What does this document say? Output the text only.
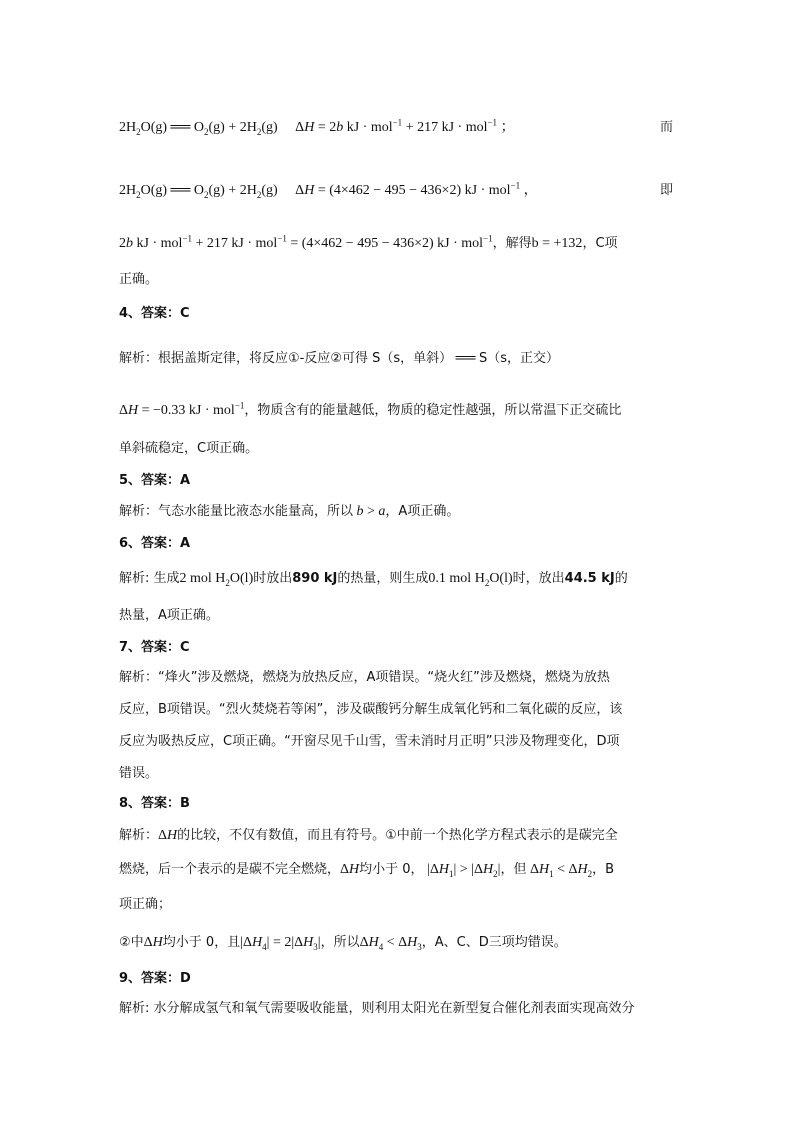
$2H_2O(g)$ ══ $O_2(g) + 2H_2(g)$     ΔH = 2b kJ · mol$^{-1}$ + 217 kJ · mol$^{-1}$ ；	而
$2H_2O(g)$ ══ $O_2(g) + 2H_2(g)$     ΔH = (4×462 − 495 − 436×2) kJ · mol$^{-1}$ ，	即
2b kJ · mol$^{-1}$ + 217 kJ · mol$^{-1}$ = (4×462 − 495 − 436×2) kJ · mol$^{-1}$，解得b = +132，C项
正确。
4、答案：C
解析：根据盖斯定律，将反应①-反应②可得 S（s，单斜） ══ S（s，正交）
ΔH = −0.33 kJ · mol$^{-1}$，物质含有的能量越低，物质的稳定性越强，所以常温下正交硫比
单斜硫稳定，C项正确。
5、答案：A
解析：气态水能量比液态水能量高，所以 b > a，A项正确。
6、答案：A
解析: 生成2 mol $H_2O(l)$时放出890 kJ的热量，则生成0.1 mol $H_2O(l)$时，放出44.5 kJ的
热量，A项正确。
7、答案：C
解析：“烽火”涉及燃烧，燃烧为放热反应，A项错误。“烧火红”涉及燃烧，燃烧为放热
反应，B项错误。“烈火焚烧若等闲”，涉及碳酸钙分解生成氧化钙和二氧化碳的反应，该
反应为吸热反应，C项正确。“开窗尽见千山雪，雪未消时月正明”只涉及物理变化，D项
错误。
8、答案：B
解析：ΔH的比较，不仅有数值，而且有符号。①中前一个热化学方程式表示的是碳完全
燃烧，后一个表示的是碳不完全燃烧，ΔH均小于 0， $|\Delta H_1| > |\Delta H_2|$，但 $\Delta H_1 < \Delta H_2$，B
项正确；
②中ΔH均小于 0，且$|\Delta H_4| = 2|\Delta H_3|$，所以$\Delta H_4 < \Delta H_3$，A、C、D三项均错误。
9、答案：D
解析: 水分解成氢气和氧气需要吸收能量，则利用太阳光在新型复合催化剂表面实现高效分
